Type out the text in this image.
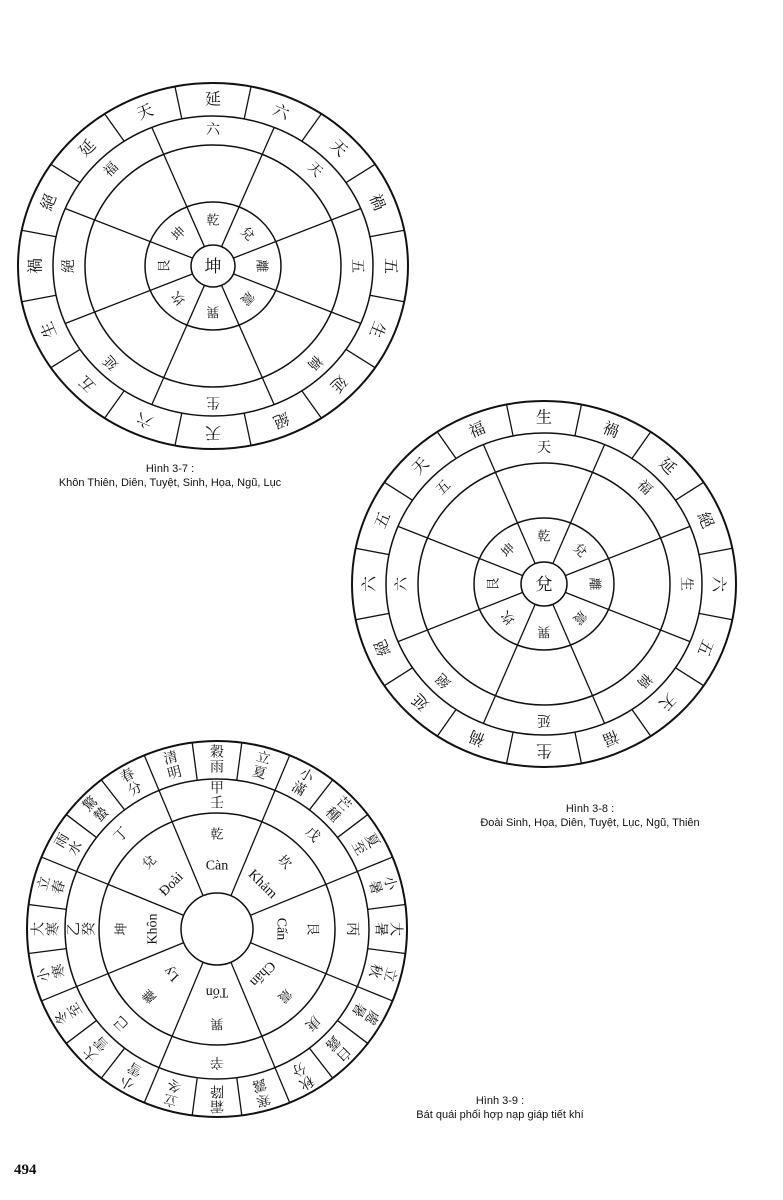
延
六
天
禍
五
生
延
絕
天
六
五
生
禍
絕
延
天
六
天
五
禍
生
延
絕
福
乾
兌
離
震
巽
坎
艮
坤
坤
Hình 3-7 :
Khôn Thiên, Diên, Tuyệt, Sinh, Họa, Ngũ, Lục
生
禍
延
絕
六
五
天
福
生
禍
延
絕
六
五
天
福
天
福
生
禍
延
絕
六
五
乾
兌
離
震
巽
坎
艮
坤
兌
Hình 3-8 :
Đoài Sinh, Họa, Diên, Tuyệt, Lục, Ngũ, Thiên
立夏	小滿
芒種
夏至
小暑
大暑
立秋
處暑
白露
秋分
寒露
霜降
立冬
小雪
大雪
冬至
小寒
大寒
立春
雨水
驚蟄
春分
清明
穀雨
甲壬
戊
丙
庚
辛
己
乙癸
丁	乾
坎
艮
震
巽
離
坤
兌	Càn
Khảm
Cấn
Chấn
Tốn
Ly
Khôn
Đoài
Hình 3-9 :
Bát quái phối hợp nạp giáp tiết khí
494
